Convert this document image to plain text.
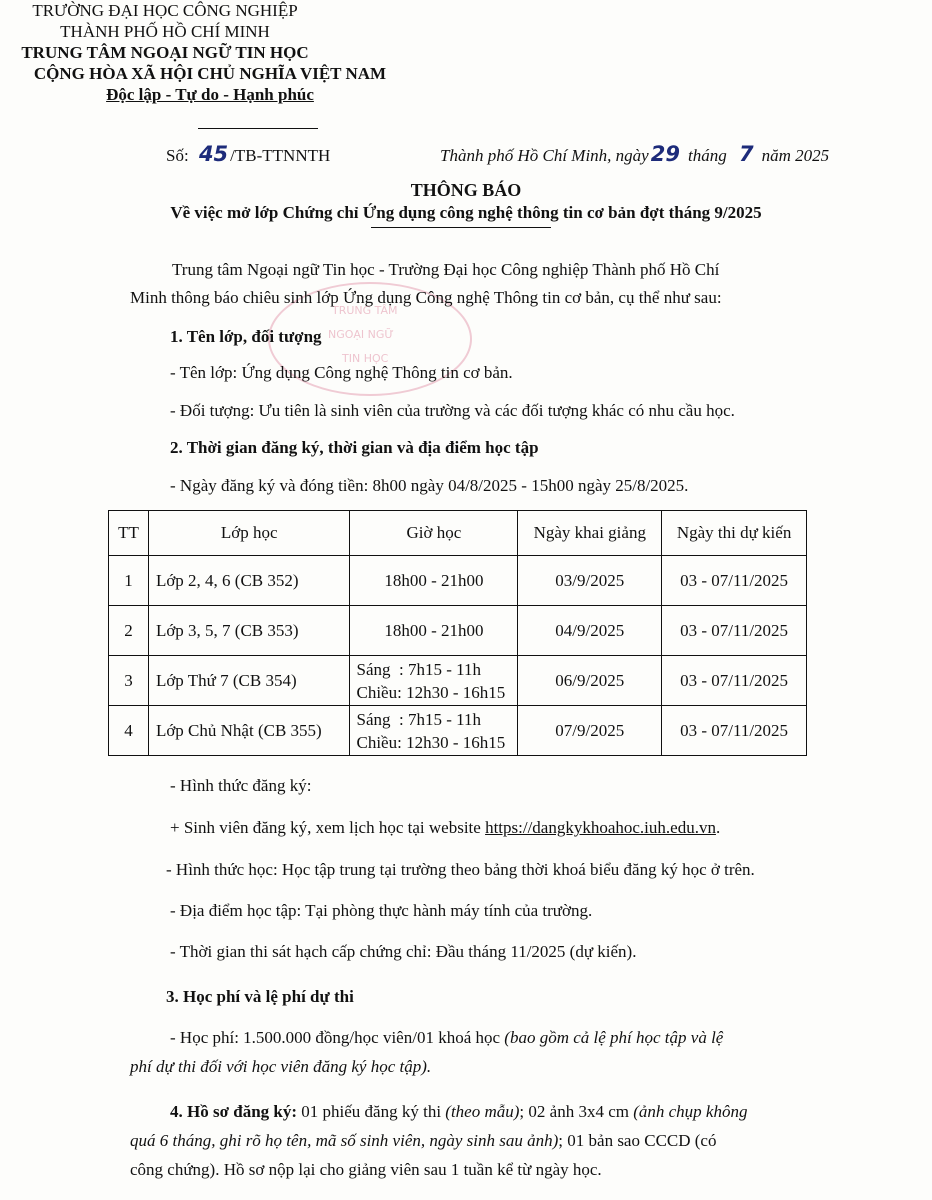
TRƯỜNG ĐẠI HỌC CÔNG NGHIỆP
THÀNH PHỐ HỒ CHÍ MINH
TRUNG TÂM NGOẠI NGỮ TIN HỌC
Số: 45 /TB-TTNNTH
CỘNG HÒA XÃ HỘI CHỦ NGHĨA VIỆT NAM
Độc lập - Tự do - Hạnh phúc
Thành phố Hồ Chí Minh, ngày29 tháng 7 năm 2025
THÔNG BÁO
Về việc mở lớp Chứng chỉ Ứng dụng công nghệ thông tin cơ bản đợt tháng 9/2025
TRUNG TÂM
NGOẠI NGỮ
TIN HỌC
Trung tâm Ngoại ngữ Tin học - Trường Đại học Công nghiệp Thành phố Hồ Chí
Minh thông báo chiêu sinh lớp Ứng dụng Công nghệ Thông tin cơ bản, cụ thể như sau:
1. Tên lớp, đối tượng
- Tên lớp: Ứng dụng Công nghệ Thông tin cơ bản.
- Đối tượng: Ưu tiên là sinh viên của trường và các đối tượng khác có nhu cầu học.
2. Thời gian đăng ký, thời gian và địa điểm học tập
- Ngày đăng ký và đóng tiền: 8h00 ngày 04/8/2025 - 15h00 ngày 25/8/2025.
TT	Lớp học	Giờ học	Ngày khai giảng	Ngày thi dự kiến
1	Lớp 2, 4, 6 (CB 352)	18h00 - 21h00	03/9/2025	03 - 07/11/2025
2	Lớp 3, 5, 7 (CB 353)	18h00 - 21h00	04/9/2025	03 - 07/11/2025
3	Lớp Thứ 7 (CB 354)	Sáng  : 7h15 - 11h
Chiều: 12h30 - 16h15	06/9/2025	03 - 07/11/2025
4	Lớp Chủ Nhật (CB 355)	Sáng  : 7h15 - 11h
Chiều: 12h30 - 16h15	07/9/2025	03 - 07/11/2025
- Hình thức đăng ký:
+ Sinh viên đăng ký, xem lịch học tại website https://dangkykhoahoc.iuh.edu.vn.
- Hình thức học: Học tập trung tại trường theo bảng thời khoá biểu đăng ký học ở trên.
- Địa điểm học tập: Tại phòng thực hành máy tính của trường.
- Thời gian thi sát hạch cấp chứng chỉ: Đầu tháng 11/2025 (dự kiến).
3. Học phí và lệ phí dự thi
- Học phí: 1.500.000 đồng/học viên/01 khoá học (bao gồm cả lệ phí học tập và lệ
phí dự thi đối với học viên đăng ký học tập).
4. Hồ sơ đăng ký: 01 phiếu đăng ký thi (theo mẫu); 02 ảnh 3x4 cm (ảnh chụp không
quá 6 tháng, ghi rõ họ tên, mã số sinh viên, ngày sinh sau ảnh); 01 bản sao CCCD (có
công chứng). Hồ sơ nộp lại cho giảng viên sau 1 tuần kể từ ngày học.
